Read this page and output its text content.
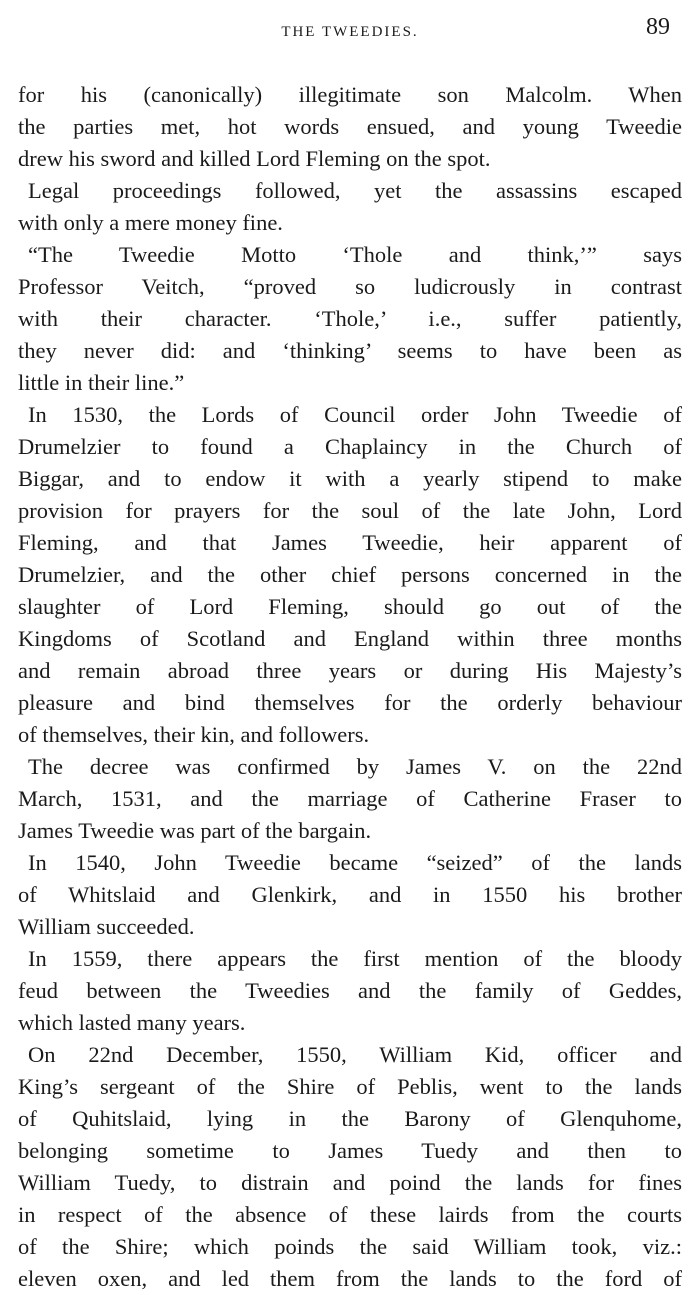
THE TWEEDIES.	89
for his (canonically) illegitimate son Malcolm. When
the parties met, hot words ensued, and young Tweedie
drew his sword and killed Lord Fleming on the spot.
Legal proceedings followed, yet the assassins escaped
with only a mere money fine.
“The Tweedie Motto ‘Thole and think,’” says
Professor Veitch, “proved so ludicrously in contrast
with their character. ‘Thole,’ i.e., suffer patiently,
they never did: and ‘thinking’ seems to have been as
little in their line.”
In 1530, the Lords of Council order John Tweedie of
Drumelzier to found a Chaplaincy in the Church of
Biggar, and to endow it with a yearly stipend to make
provision for prayers for the soul of the late John, Lord
Fleming, and that James Tweedie, heir apparent of
Drumelzier, and the other chief persons concerned in the
slaughter of Lord Fleming, should go out of the
Kingdoms of Scotland and England within three months
and remain abroad three years or during His Majesty’s
pleasure and bind themselves for the orderly behaviour
of themselves, their kin, and followers.
The decree was confirmed by James V. on the 22nd
March, 1531, and the marriage of Catherine Fraser to
James Tweedie was part of the bargain.
In 1540, John Tweedie became “seized” of the lands
of Whitslaid and Glenkirk, and in 1550 his brother
William succeeded.
In 1559, there appears the first mention of the bloody
feud between the Tweedies and the family of Geddes,
which lasted many years.
On 22nd December, 1550, William Kid, officer and
King’s sergeant of the Shire of Peblis, went to the lands
of Quhitslaid, lying in the Barony of Glenquhome,
belonging sometime to James Tuedy and then to
William Tuedy, to distrain and poind the lands for fines
in respect of the absence of these lairds from the courts
of the Shire; which poinds the said William took, viz.:
eleven oxen, and led them from the lands to the ford of
